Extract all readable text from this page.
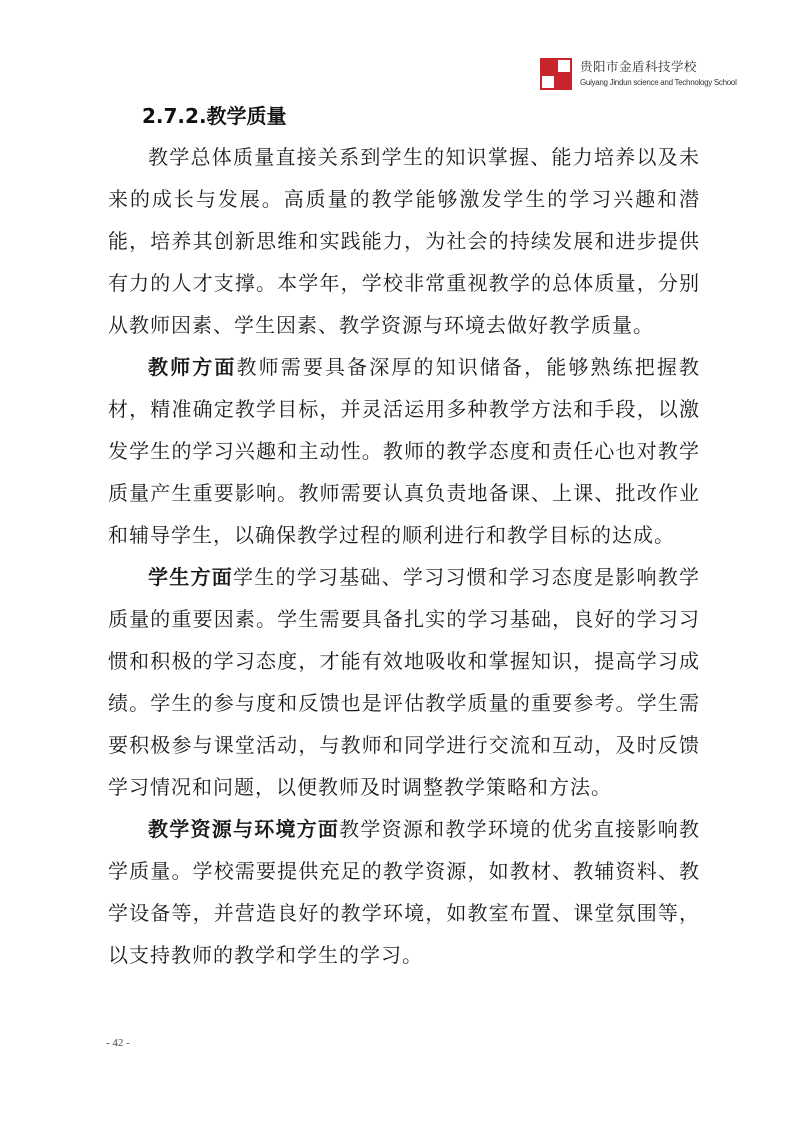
贵阳市金盾科技学校
Guiyang Jindun science and Technology School
2.7.2.教学质量

教学总体质量直接关系到学生的知识掌握、能力培养以及未来的成长与发展。高质量的教学能够激发学生的学习兴趣和潜能，培养其创新思维和实践能力，为社会的持续发展和进步提供有力的人才支撑。本学年，学校非常重视教学的总体质量，分别从教师因素、学生因素、教学资源与环境去做好教学质量。

教师方面教师需要具备深厚的知识储备，能够熟练把握教材，精准确定教学目标，并灵活运用多种教学方法和手段，以激发学生的学习兴趣和主动性。教师的教学态度和责任心也对教学质量产生重要影响。教师需要认真负责地备课、上课、批改作业和辅导学生，以确保教学过程的顺利进行和教学目标的达成。

学生方面学生的学习基础、学习习惯和学习态度是影响教学质量的重要因素。学生需要具备扎实的学习基础，良好的学习习惯和积极的学习态度，才能有效地吸收和掌握知识，提高学习成绩。学生的参与度和反馈也是评估教学质量的重要参考。学生需要积极参与课堂活动，与教师和同学进行交流和互动，及时反馈学习情况和问题，以便教师及时调整教学策略和方法。

教学资源与环境方面教学资源和教学环境的优劣直接影响教学质量。学校需要提供充足的教学资源，如教材、教辅资料、教学设备等，并营造良好的教学环境，如教室布置、课堂氛围等，以支持教师的教学和学生的学习。

- 42 -
